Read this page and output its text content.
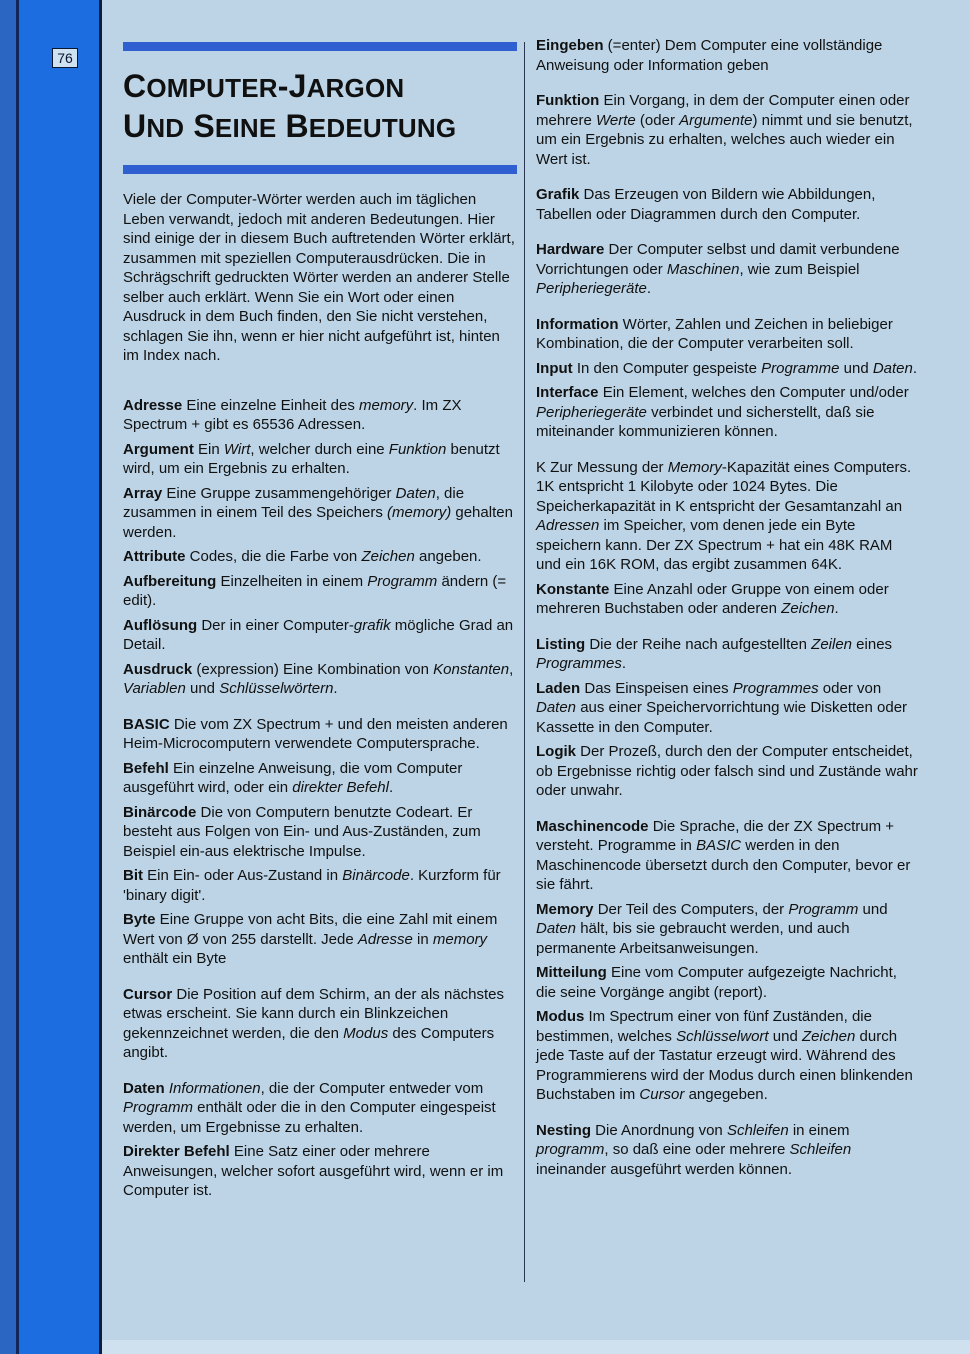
76
COMPUTER-JARGON
UND SEINE BEDEUTUNG

Viele der Computer-Wörter werden auch im täglichen Leben verwandt, jedoch mit anderen Bedeutungen. Hier sind einige der in diesem Buch auftretenden Wörter erklärt, zusammen mit speziellen Computerausdrücken. Die in Schrägschrift gedruckten Wörter werden an anderer Stelle selber auch erklärt. Wenn Sie ein Wort oder einen Ausdruck in dem Buch finden, den Sie nicht verstehen, schlagen Sie ihn, wenn er hier nicht aufgeführt ist, hinten im Index nach.

Adresse Eine einzelne Einheit des memory. Im ZX Spectrum + gibt es 65536 Adressen.

Argument Ein Wirt, welcher durch eine Funktion benutzt wird, um ein Ergebnis zu erhalten.

Array Eine Gruppe zusammengehöriger Daten, die zusammen in einem Teil des Speichers (memory) gehalten werden.

Attribute Codes, die die Farbe von Zeichen angeben.

Aufbereitung Einzelheiten in einem Programm ändern (= edit).

Auflösung Der in einer Computer-grafik mögliche Grad an Detail.

Ausdruck (expression) Eine Kombination von Konstanten, Variablen und Schlüsselwörtern.

BASIC Die vom ZX Spectrum + und den meisten anderen Heim-Microcomputern verwendete Computersprache.

Befehl Ein einzelne Anweisung, die vom Computer ausgeführt wird, oder ein direkter Befehl.

Binärcode Die von Computern benutzte Codeart. Er besteht aus Folgen von Ein- und Aus-Zuständen, zum Beispiel ein-aus elektrische Impulse.

Bit Ein Ein- oder Aus-Zustand in Binärcode. Kurzform für 'binary digit'.

Byte Eine Gruppe von acht Bits, die eine Zahl mit einem Wert von Ø von 255 darstellt. Jede Adresse in memory enthält ein Byte

Cursor Die Position auf dem Schirm, an der als nächstes etwas erscheint. Sie kann durch ein Blinkzeichen gekennzeichnet werden, die den Modus des Computers angibt.

Daten Informationen, die der Computer entweder vom Programm enthält oder die in den Computer eingespeist werden, um Ergebnisse zu erhalten.

Direkter Befehl Eine Satz einer oder mehrere Anweisungen, welcher sofort ausgeführt wird, wenn er im Computer ist.

Eingeben (=enter) Dem Computer eine vollständige Anweisung oder Information geben

Funktion Ein Vorgang, in dem der Computer einen oder mehrere Werte (oder Argumente) nimmt und sie benutzt, um ein Ergebnis zu erhalten, welches auch wieder ein Wert ist.

Grafik Das Erzeugen von Bildern wie Abbildungen, Tabellen oder Diagrammen durch den Computer.

Hardware Der Computer selbst und damit verbundene Vorrichtungen oder Maschinen, wie zum Beispiel Peripheriegeräte.

Information Wörter, Zahlen und Zeichen in beliebiger Kombination, die der Computer verarbeiten soll.

Input In den Computer gespeiste Programme und Daten.

Interface Ein Element, welches den Computer und/oder Peripheriegeräte verbindet und sicherstellt, daß sie miteinander kommunizieren können.

K Zur Messung der Memory-Kapazität eines Computers. 1K entspricht 1 Kilobyte oder 1024 Bytes. Die Speicherkapazität in K entspricht der Gesamtanzahl an Adressen im Speicher, vom denen jede ein Byte speichern kann. Der ZX Spectrum + hat ein 48K RAM und ein 16K ROM, das ergibt zusammen 64K.

Konstante Eine Anzahl oder Gruppe von einem oder mehreren Buchstaben oder anderen Zeichen.

Listing Die der Reihe nach aufgestellten Zeilen eines Programmes.

Laden Das Einspeisen eines Programmes oder von Daten aus einer Speichervorrichtung wie Disketten oder Kassette in den Computer.

Logik Der Prozeß, durch den der Computer entscheidet, ob Ergebnisse richtig oder falsch sind und Zustände wahr oder unwahr.

Maschinencode Die Sprache, die der ZX Spectrum + versteht. Programme in BASIC werden in den Maschinencode übersetzt durch den Computer, bevor er sie fährt.

Memory Der Teil des Computers, der Programm und Daten hält, bis sie gebraucht werden, und auch permanente Arbeitsanweisungen.

Mitteilung Eine vom Computer aufgezeigte Nachricht, die seine Vorgänge angibt (report).

Modus Im Spectrum einer von fünf Zuständen, die bestimmen, welches Schlüsselwort und Zeichen durch jede Taste auf der Tastatur erzeugt wird. Während des Programmierens wird der Modus durch einen blinkenden Buchstaben im Cursor angegeben.

Nesting Die Anordnung von Schleifen in einem programm, so daß eine oder mehrere Schleifen ineinander ausgeführt werden können.
